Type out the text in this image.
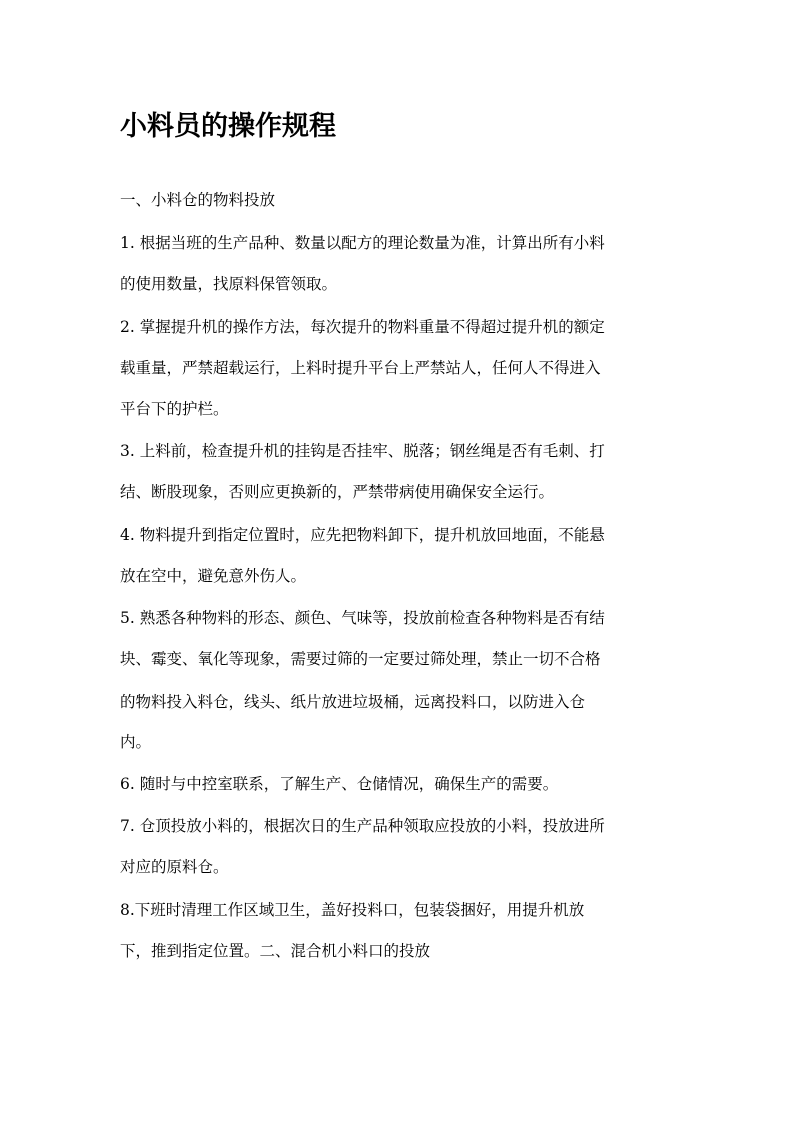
小料员的操作规程

一、小料仓的物料投放

1. 根据当班的生产品种、数量以配方的理论数量为准，计算出所有小料

的使用数量，找原料保管领取。

2. 掌握提升机的操作方法，每次提升的物料重量不得超过提升机的额定

载重量，严禁超载运行，上料时提升平台上严禁站人，任何人不得进入

平台下的护栏。

3. 上料前，检查提升机的挂钩是否挂牢、脱落；钢丝绳是否有毛刺、打

结、断股现象，否则应更换新的，严禁带病使用确保安全运行。

4. 物料提升到指定位置时，应先把物料卸下，提升机放回地面，不能悬

放在空中，避免意外伤人。

5. 熟悉各种物料的形态、颜色、气味等，投放前检查各种物料是否有结

块、霉变、氧化等现象，需要过筛的一定要过筛处理，禁止一切不合格

的物料投入料仓，线头、纸片放进垃圾桶，远离投料口，以防进入仓

内。

6. 随时与中控室联系，了解生产、仓储情况，确保生产的需要。

7. 仓顶投放小料的，根据次日的生产品种领取应投放的小料，投放进所

对应的原料仓。

8.下班时清理工作区域卫生，盖好投料口，包装袋捆好，用提升机放

下，推到指定位置。二、混合机小料口的投放
